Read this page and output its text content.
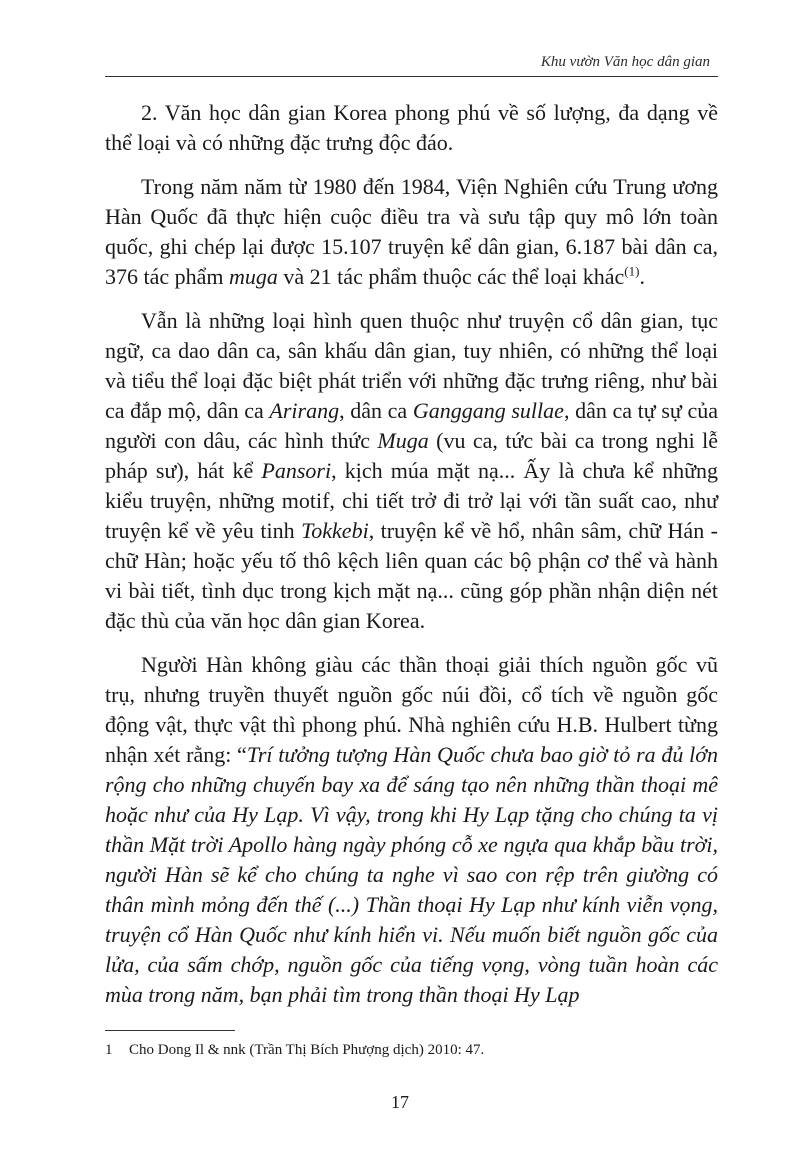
Khu vườn Văn học dân gian

2. Văn học dân gian Korea phong phú về số lượng, đa dạng về thể loại và có những đặc trưng độc đáo.

Trong năm năm từ 1980 đến 1984, Viện Nghiên cứu Trung ương Hàn Quốc đã thực hiện cuộc điều tra và sưu tập quy mô lớn toàn quốc, ghi chép lại được 15.107 truyện kể dân gian, 6.187 bài dân ca, 376 tác phẩm muga và 21 tác phẩm thuộc các thể loại khác$^{(1)}$.

Vẫn là những loại hình quen thuộc như truyện cổ dân gian, tục ngữ, ca dao dân ca, sân khấu dân gian, tuy nhiên, có những thể loại và tiểu thể loại đặc biệt phát triển với những đặc trưng riêng, như bài ca đắp mộ, dân ca Arirang, dân ca Ganggang sullae, dân ca tự sự của người con dâu, các hình thức Muga (vu ca, tức bài ca trong nghi lễ pháp sư), hát kể Pansori, kịch múa mặt nạ... Ấy là chưa kể những kiểu truyện, những motif, chi tiết trở đi trở lại với tần suất cao, như truyện kể về yêu tinh Tokkebi, truyện kể về hổ, nhân sâm, chữ Hán - chữ Hàn; hoặc yếu tố thô kệch liên quan các bộ phận cơ thể và hành vi bài tiết, tình dục trong kịch mặt nạ... cũng góp phần nhận diện nét đặc thù của văn học dân gian Korea.

Người Hàn không giàu các thần thoại giải thích nguồn gốc vũ trụ, nhưng truyền thuyết nguồn gốc núi đồi, cổ tích về nguồn gốc động vật, thực vật thì phong phú. Nhà nghiên cứu H.B. Hulbert từng nhận xét rằng: “Trí tưởng tượng Hàn Quốc chưa bao giờ tỏ ra đủ lớn rộng cho những chuyến bay xa để sáng tạo nên những thần thoại mê hoặc như của Hy Lạp. Vì vậy, trong khi Hy Lạp tặng cho chúng ta vị thần Mặt trời Apollo hàng ngày phóng cỗ xe ngựa qua khắp bầu trời, người Hàn sẽ kể cho chúng ta nghe vì sao con rệp trên giường có thân mình mỏng đến thế (...) Thần thoại Hy Lạp như kính viễn vọng, truyện cổ Hàn Quốc như kính hiển vi. Nếu muốn biết nguồn gốc của lửa, của sấm chớp, nguồn gốc của tiếng vọng, vòng tuần hoàn các mùa trong năm, bạn phải tìm trong thần thoại Hy Lạp

1 Cho Dong Il & nnk (Trần Thị Bích Phượng dịch) 2010: 47.
17
